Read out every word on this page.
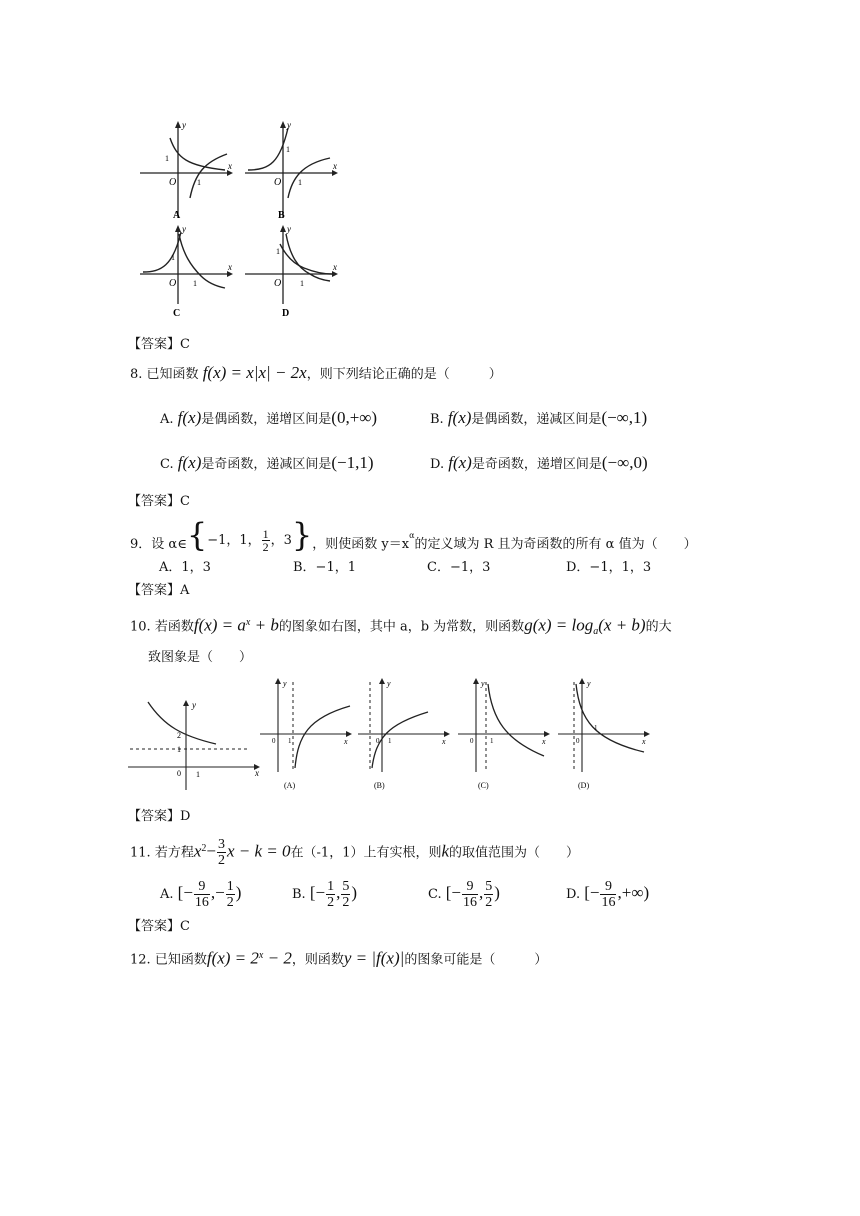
y
x
O	1
1
A
y
x
O 1
1
B
y
x
O 1
1
C
y
x
O 1
1
D
【答案】C
8. 已知函数 f(x) = x|x| − 2x，则下列结论正确的是（　　　）
A. f(x)是偶函数，递增区间是(0,+∞)	B. f(x)是偶函数，递减区间是(−∞,1)
C. f(x)是奇函数，递减区间是(−1,1)	D. f(x)是奇函数，递增区间是(−∞,0)
【答案】C
9．设 α∈{−1，1， $\frac{1}{2}$ ，3}，则使函数 $y=x^\alpha$的定义域为 R 且为奇函数的所有 α 值为（　　）
A．1，3	B．−1，1	C．−1，3	D．−1，1，3
【答案】A
10. 若函数$f(x) = a^x + b$的图象如右图，其中 a，b 为常数，则函数$g(x) = \log_a(x + b)$的大
致图象是（　　）
y
x
0 1
2
1
y
x
0 1
(A)
y
x
0 1
(B)
y
x
0 1
(C)
y
x
0
1
(D)
【答案】D
11. 若方程$x^2- \frac{3}{2}$ x − k = 0在（-1，1）上有实根，则k的取值范围为（　　）
A. [− $\frac{9}{16}$ ,− $\frac{1}{2}$ )	B. [− $\frac{1}{2}$ , $\frac{5}{2}$ )	C. [− $\frac{9}{16}$ , $\frac{5}{2}$ )	D. [− $\frac{9}{16}$ ,+∞)
【答案】C
12. 已知函数$f(x) = 2^x - 2$，则函数y = |f(x)|的图象可能是（　　　）
